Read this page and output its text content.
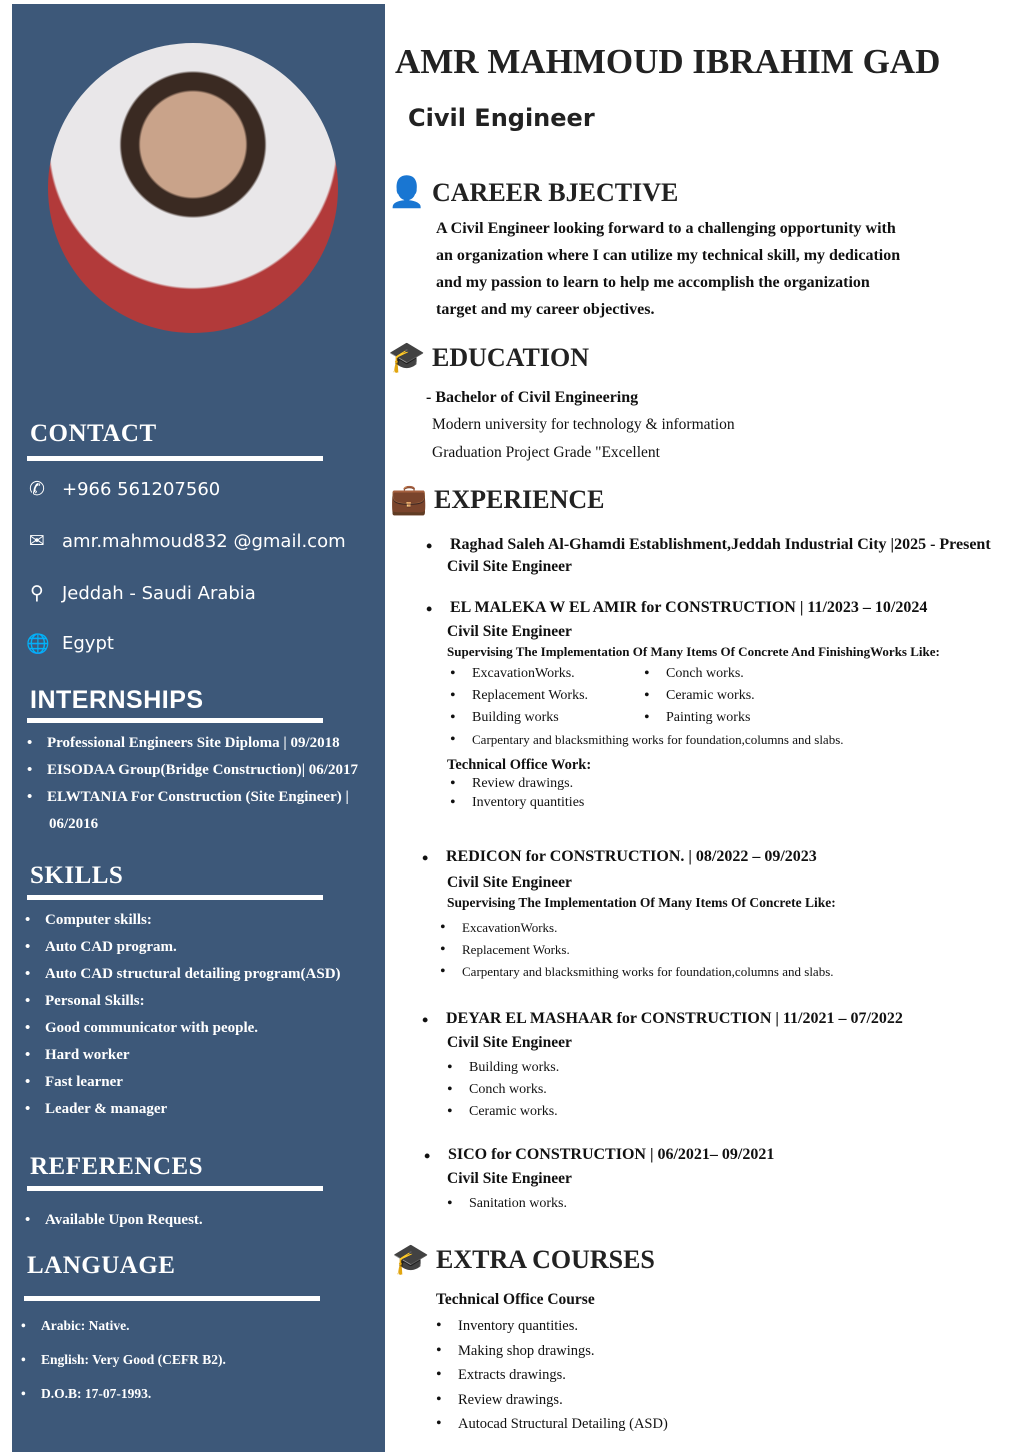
CONTACT
✆ +966 561207560
✉ amr.mahmoud832 @gmail.com
⚲ Jeddah - Saudi Arabia
🌐 Egypt
INTERNSHIPS
• Professional Engineers Site Diploma | 09/2018
• EISODAA Group(Bridge Construction)| 06/2017
• ELWTANIA For Construction (Site Engineer) |
06/2016
SKILLS
• Computer skills:
• Auto CAD program.
• Auto CAD structural detailing program(ASD)
• Personal Skills:
• Good communicator with people.
• Hard worker
• Fast learner
• Leader & manager
REFERENCES
• Available Upon Request.
LANGUAGE
• Arabic: Native.
• English: Very Good (CEFR B2).
• D.O.B: 17-07-1993.
AMR MAHMOUD IBRAHIM GAD
Civil Engineer
👤 CAREER BJECTIVE
A Civil Engineer looking forward to a challenging opportunity with
an organization where I can utilize my technical skill, my dedication
and my passion to learn to help me accomplish the organization
target and my career objectives.
🎓 EDUCATION
- Bachelor of Civil Engineering
Modern university for technology & information
Graduation Project Grade "Excellent
💼 EXPERIENCE
• Raghad Saleh Al-Ghamdi Establishment,Jeddah Industrial City |2025 - Present
Civil Site Engineer
• EL MALEKA W EL AMIR for CONSTRUCTION | 11/2023 – 10/2024
Civil Site Engineer
Supervising The Implementation Of Many Items Of Concrete And FinishingWorks Like:
• ExcavationWorks.
• Replacement Works.
• Building works
• Conch works.
• Ceramic works.
• Painting works
• Carpentary and blacksmithing works for foundation,columns and slabs.
Technical Office Work:
• Review drawings.
• Inventory quantities
• REDICON for CONSTRUCTION. | 08/2022 – 09/2023
Civil Site Engineer
Supervising The Implementation Of Many Items Of Concrete Like:
• ExcavationWorks.
• Replacement Works.
• Carpentary and blacksmithing works for foundation,columns and slabs.
• DEYAR EL MASHAAR for CONSTRUCTION | 11/2021 – 07/2022
Civil Site Engineer
• Building works.
• Conch works.
• Ceramic works.
• SICO for CONSTRUCTION | 06/2021– 09/2021
Civil Site Engineer
• Sanitation works.
🎓 EXTRA COURSES
Technical Office Course
• Inventory quantities.
• Making shop drawings.
• Extracts drawings.
• Review drawings.
• Autocad Structural Detailing (ASD)
